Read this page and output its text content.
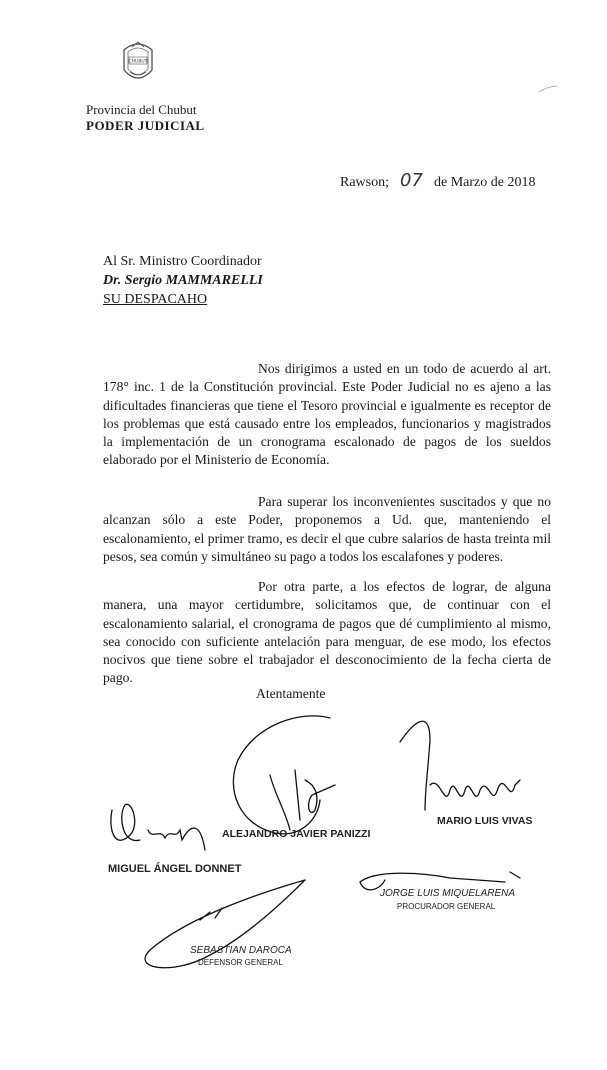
CHUBUT
Provincia del Chubut
PODER JUDICIAL
Rawson; 07 de Marzo de 2018
Al Sr. Ministro Coordinador
Dr. Sergio MAMMARELLI
SU DESPACAHO

Nos dirigimos a usted en un todo de acuerdo al art. 178° inc. 1 de la Constitución provincial. Este Poder Judicial no es ajeno a las dificultades financieras que tiene el Tesoro provincial e igualmente es receptor de los problemas que está causado entre los empleados, funcionarios y magistrados la implementación de un cronograma escalonado de pagos de los sueldos elaborado por el Ministerio de Economía.

Para superar los inconvenientes suscitados y que no alcanzan sólo a este Poder, proponemos a Ud. que, manteniendo el escalonamiento, el primer tramo, es decir el que cubre salarios de hasta treinta mil pesos, sea común y simultáneo su pago a todos los escalafones y poderes.

Por otra parte, a los efectos de lograr, de alguna manera, una mayor certidumbre, solicitamos que, de continuar con el escalonamiento salarial, el cronograma de pagos que dé cumplimiento al mismo, sea conocido con suficiente antelación para menguar, de ese modo, los efectos nocivos que tiene sobre el trabajador el desconocimiento de la fecha cierta de pago.

Atentamente
ALEJANDRO JAVIER PANIZZI
MARIO LUIS VIVAS
MIGUEL ÁNGEL DONNET
JORGE LUIS MIQUELARENA
PROCURADOR GENERAL
SEBASTIAN DAROCA
DEFENSOR GENERAL
